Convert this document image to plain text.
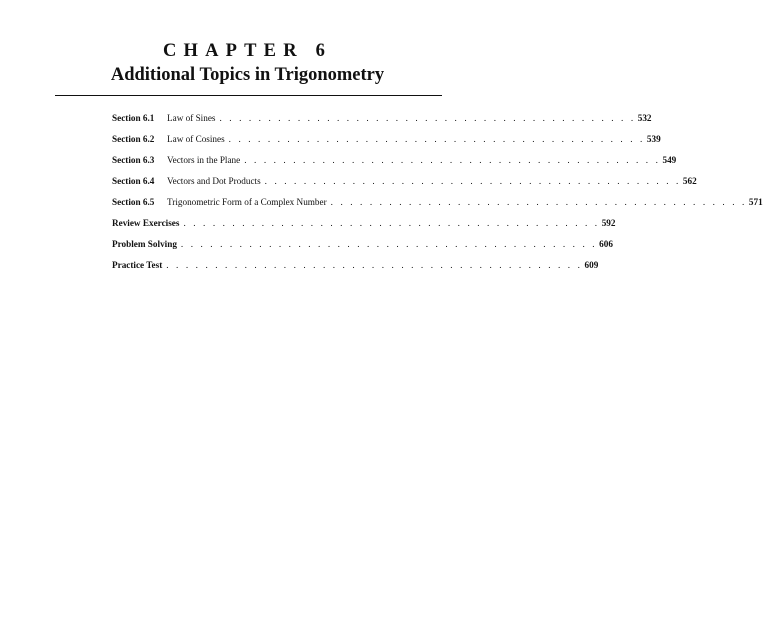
CHAPTER 6
Additional Topics in Trigonometry
Section 6.1	Law of Sines . . . . . . . . . . . . . . . . . . . . . . . . . . . . . . . . . . . . . . . . . . . 532
Section 6.2	Law of Cosines . . . . . . . . . . . . . . . . . . . . . . . . . . . . . . . . . . . . . . . . . . . 539
Section 6.3	Vectors in the Plane . . . . . . . . . . . . . . . . . . . . . . . . . . . . . . . . . . . . . . . . . . . 549
Section 6.4	Vectors and Dot Products . . . . . . . . . . . . . . . . . . . . . . . . . . . . . . . . . . . . . . . . . . . 562
Section 6.5	Trigonometric Form of a Complex Number . . . . . . . . . . . . . . . . . . . . . . . . . . . . . . . . . . . . . . . . . . . 571
Review Exercises . . . . . . . . . . . . . . . . . . . . . . . . . . . . . . . . . . . . . . . . . . . 592
Problem Solving . . . . . . . . . . . . . . . . . . . . . . . . . . . . . . . . . . . . . . . . . . . 606
Practice Test . . . . . . . . . . . . . . . . . . . . . . . . . . . . . . . . . . . . . . . . . . . 609
